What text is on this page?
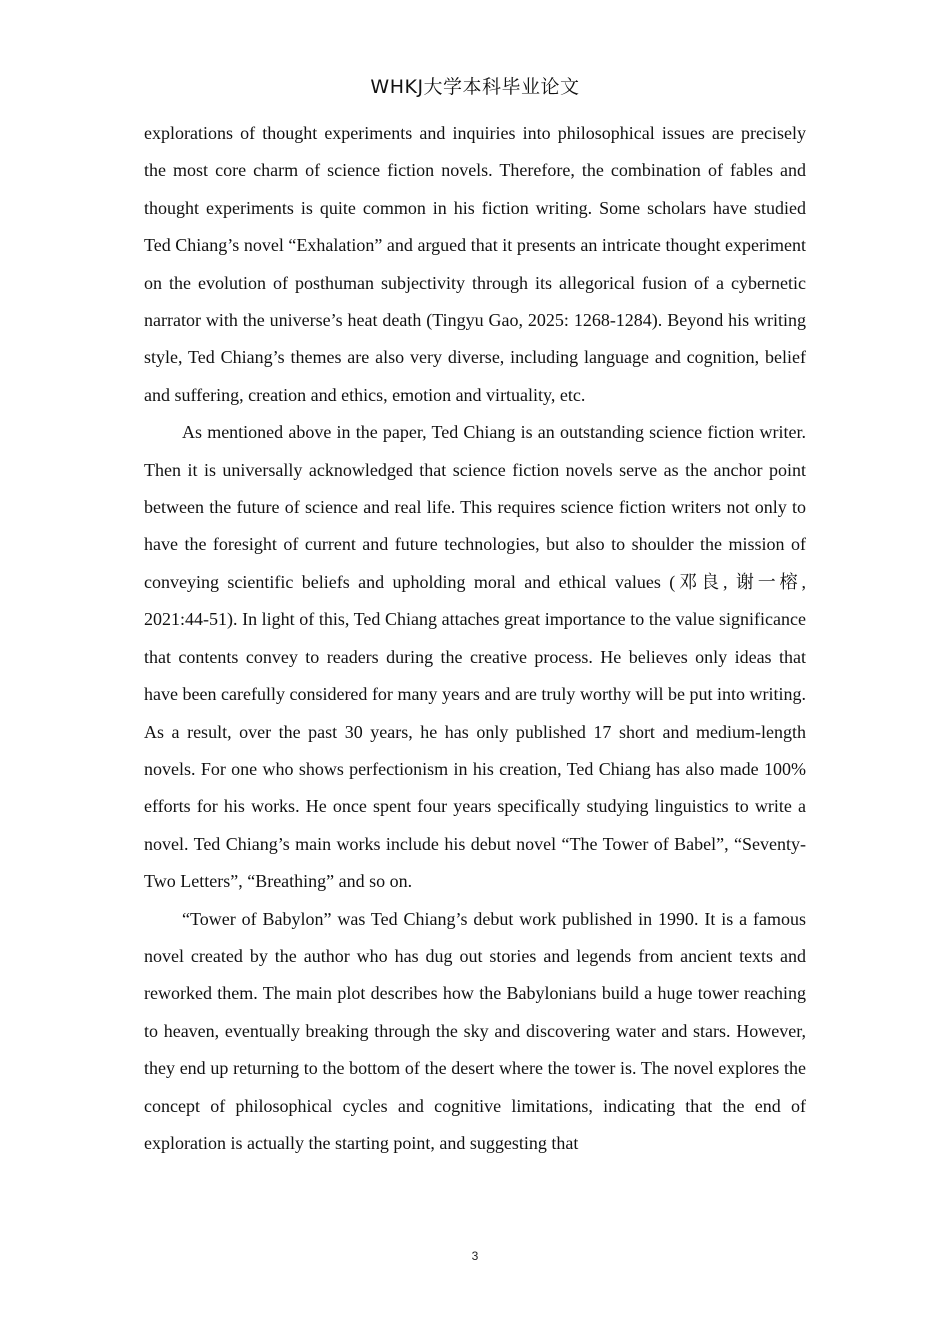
WHKJ大学本科毕业论文

explorations of thought experiments and inquiries into philosophical issues are precisely the most core charm of science fiction novels. Therefore, the combination of fables and thought experiments is quite common in his fiction writing. Some scholars have studied Ted Chiang’s novel “Exhalation” and argued that it presents an intricate thought experiment on the evolution of posthuman subjectivity through its allegorical fusion of a cybernetic narrator with the universe’s heat death (Tingyu Gao, 2025: 1268-1284). Beyond his writing style, Ted Chiang’s themes are also very diverse, including language and cognition, belief and suffering, creation and ethics, emotion and virtuality, etc.

As mentioned above in the paper, Ted Chiang is an outstanding science fiction writer. Then it is universally acknowledged that science fiction novels serve as the anchor point between the future of science and real life. This requires science fiction writers not only to have the foresight of current and future technologies, but also to shoulder the mission of conveying scientific beliefs and upholding moral and ethical values (邓良, 谢一榕, 2021:44-51). In light of this, Ted Chiang attaches great importance to the value significance that contents convey to readers during the creative process. He believes only ideas that have been carefully considered for many years and are truly worthy will be put into writing. As a result, over the past 30 years, he has only published 17 short and medium-length novels. For one who shows perfectionism in his creation, Ted Chiang has also made 100% efforts for his works. He once spent four years specifically studying linguistics to write a novel. Ted Chiang’s main works include his debut novel “The Tower of Babel”, “Seventy-Two Letters”, “Breathing” and so on.

“Tower of Babylon” was Ted Chiang’s debut work published in 1990. It is a famous novel created by the author who has dug out stories and legends from ancient texts and reworked them. The main plot describes how the Babylonians build a huge tower reaching to heaven, eventually breaking through the sky and discovering water and stars. However, they end up returning to the bottom of the desert where the tower is. The novel explores the concept of philosophical cycles and cognitive limitations, indicating that the end of exploration is actually the starting point, and suggesting that

3
